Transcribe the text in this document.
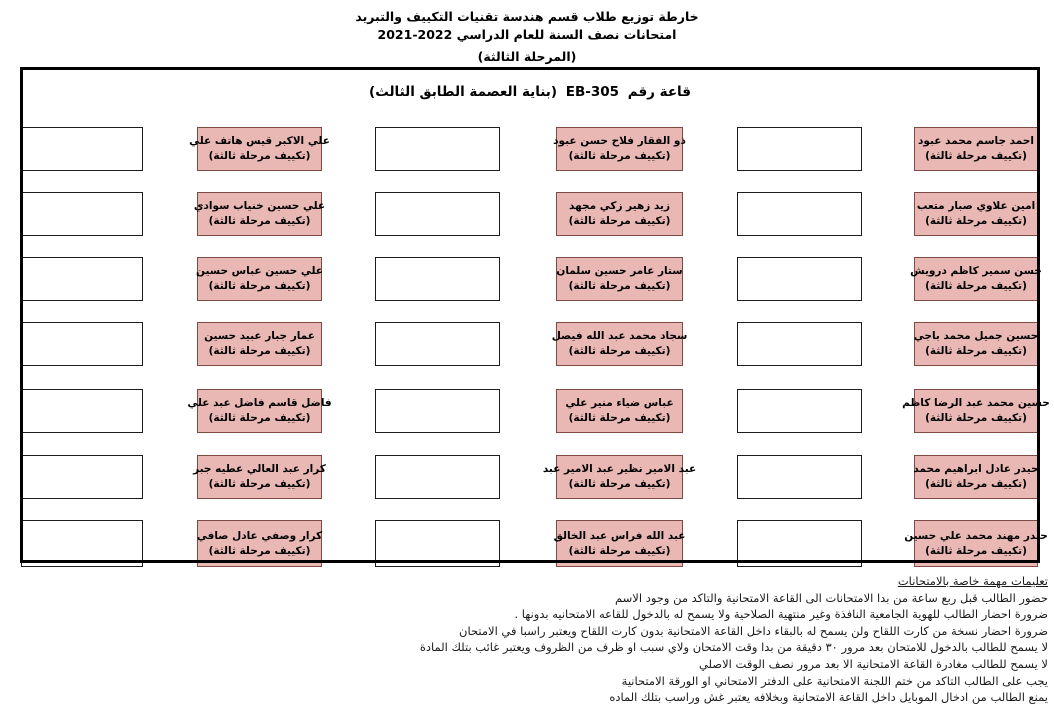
خارطة توزيع طلاب قسم هندسة تقنيات التكييف والتبريد
امتحانات نصف السنة للعام الدراسي 2022-2021
(المرحلة الثالثة)
قاعة رقم EB-305 (بناية العصمة الطابق الثالث)
علي الاكبر قيس هاتف علي
(تكييف مرحلة ثالثة)
ذو الفقار فلاح حسن عبود
(تكييف مرحلة ثالثة)
احمد جاسم محمد عبود
(تكييف مرحلة ثالثة)
علي حسين خنياب سوادي
(تكييف مرحلة ثالثة)
زيد زهير زكي مجهد
(تكييف مرحلة ثالثة)
امين علاوي صبار متعب
(تكييف مرحلة ثالثة)
علي حسين عباس حسين
(تكييف مرحلة ثالثة)
ستار عامر حسين سلمان
(تكييف مرحلة ثالثة)
حسن سمير كاظم درويش
(تكييف مرحلة ثالثة)
عمار جبار عبيد حسين
(تكييف مرحلة ثالثة)
سجاد محمد عبد الله فيصل
(تكييف مرحلة ثالثة)
حسين جميل محمد باجي
(تكييف مرحلة ثالثة)
فاضل قاسم فاضل عبد علي
(تكييف مرحلة ثالثة)
عباس ضياء منير علي
(تكييف مرحلة ثالثة)
حسين محمد عبد الرضا كاظم
(تكييف مرحلة ثالثة)
كرار عبد العالي عطيه جبر
(تكييف مرحلة ثالثة)
عبد الامير نظير عبد الامير عبد
(تكييف مرحلة ثالثة)
حيدر عادل ابراهيم محمد
(تكييف مرحلة ثالثة)
كرار وصفي عادل صافي
(تكييف مرحلة ثالثة)
عبد الله فراس عبد الخالق
(تكييف مرحلة ثالثة)
حيدر مهند محمد علي حسين
(تكييف مرحلة ثالثة)
تعليمات مهمة خاصة بالامتحانات
حضور الطالب قبل ربع ساعة من بدا الامتحانات الى القاعة الامتحانية والتاكد من وجود الاسم
ضرورة احضار الطالب للهوية الجامعية النافذة وغير منتهية الصلاحية ولا يسمح له بالدخول للقاعه الامتحانيه بدونها .
ضرورة احضار نسخة من كارت اللقاح ولن يسمح له بالبقاء داخل القاعة الامتحانية بدون كارت اللقاح ويعتبر راسبا في الامتحان
لا يسمح للطالب بالدخول للامتحان بعد مرور ٣٠ دقيقة من بدا وقت الامتحان ولاي سبب او ظرف من الظروف ويعتبر غائب بتلك المادة
لا يسمح للطالب مغادرة القاعة الامتحانية الا بعد مرور نصف الوقت الاصلي
يجب على الطالب التاكد من ختم اللجنة الامتحانية على الدفتر الامتحاني او الورقة الامتحانية
يمنع الطالب من ادخال الموبايل داخل القاعة الامتحانية وبخلافه يعتبر غش وراسب بتلك الماده
